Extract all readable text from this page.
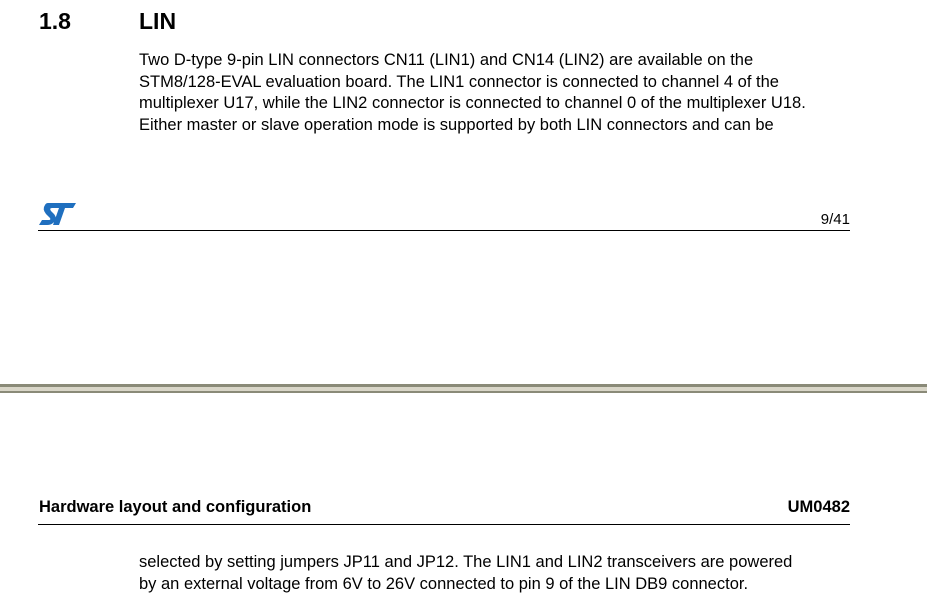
1.8	LIN
Two D-type 9-pin LIN connectors CN11 (LIN1) and CN14 (LIN2) are available on the
STM8/128-EVAL evaluation board. The LIN1 connector is connected to channel 4 of the
multiplexer U17, while the LIN2 connector is connected to channel 0 of the multiplexer U18.
Either master or slave operation mode is supported by both LIN connectors and can be
9/41
Hardware layout and configuration	UM0482
selected by setting jumpers JP11 and JP12. The LIN1 and LIN2 transceivers are powered
by an external voltage from 6V to 26V connected to pin 9 of the LIN DB9 connector.
